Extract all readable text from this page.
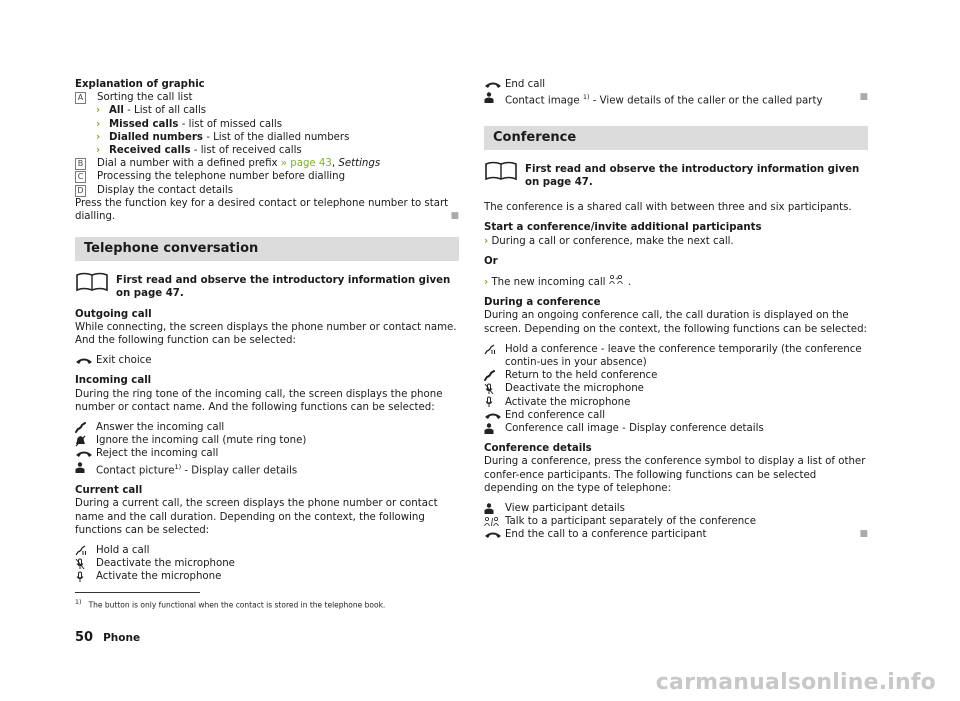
Explanation of graphic

A Sorting the call list

› All - List of all calls
› Missed calls - list of missed calls
› Dialled numbers - List of the dialled numbers
› Received calls - list of received calls
B Dial a number with a defined prefix » page 43, Settings

C Processing the telephone number before dialling

D Display the contact details

Press the function key for a desired contact or telephone number to start dialling.	■

Telephone conversation
First read and observe the introductory information given on page 47.

Outgoing call

While connecting, the screen displays the phone number or contact name. And the following function can be selected:

Exit choice

Incoming call

During the ring tone of the incoming call, the screen displays the phone number or contact name. And the following functions can be selected:

Answer the incoming call
Ignore the incoming call (mute ring tone)
Reject the incoming call
Contact picture$^{1)}$ - Display caller details

Current call

During a current call, the screen displays the phone number or contact name and the call duration. Depending on the context, the following functions can be selected:

Hold a call
Deactivate the microphone
Activate the microphone
End call
Contact image $^{1)}$ - View details of the caller or the called party	■
Conference
First read and observe the introductory information given on page 47.

The conference is a shared call with between three and six participants.

Start a conference/invite additional participants

› During a call or conference, make the next call.

Or

› The new incoming call + .

During a conference

During an ongoing conference call, the call duration is displayed on the screen. Depending on the context, the following functions can be selected:

Hold a conference - leave the conference temporarily (the conference contin-ues in your absence)
Return to the held conference
Deactivate the microphone
Activate the microphone
End conference call
Conference call image - Display conference details

Conference details

During a conference, press the conference symbol to display a list of other confer-ence participants. The following functions can be selected depending on the type of telephone:

View participant details
Talk to a participant separately of the conference
End the call to a conference participant	■
$^{1)}$ The button is only functional when the contact is stored in the telephone book.
50 Phone
carmanualsonline.info
